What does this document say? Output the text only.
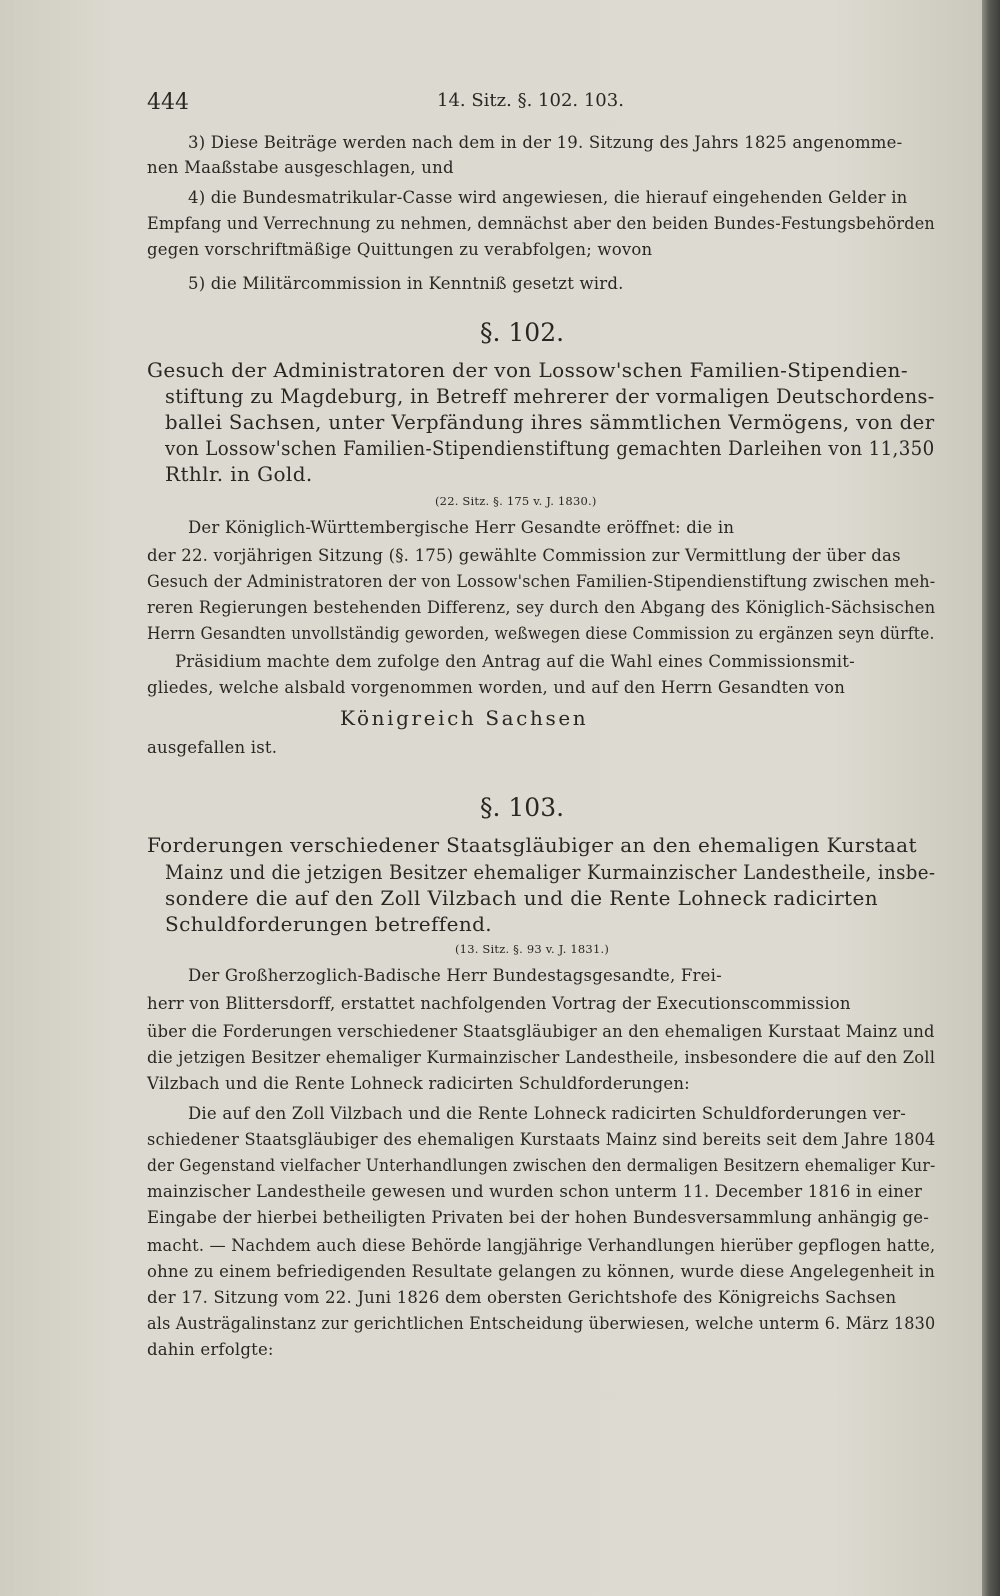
444	14. Sitz. §. 102. 103.
3) Diese Beiträge werden nach dem in der 19. Sitzung des Jahrs 1825 angenomme-
nen Maaßstabe ausgeschlagen, und
4) die Bundesmatrikular-Casse wird angewiesen, die hierauf eingehenden Gelder in
Empfang und Verrechnung zu nehmen, demnächst aber den beiden Bundes-Festungsbehörden
gegen vorschriftmäßige Quittungen zu verabfolgen; wovon
5) die Militärcommission in Kenntniß gesetzt wird.
§. 102.
Gesuch der Administratoren der von Lossow'schen Familien-Stipendien-
stiftung zu Magdeburg, in Betreff mehrerer der vormaligen Deutschordens-
ballei Sachsen, unter Verpfändung ihres sämmtlichen Vermögens, von der
von Lossow'schen Familien-Stipendienstiftung gemachten Darleihen von 11,350
Rthlr. in Gold.
(22. Sitz. §. 175 v. J. 1830.)
Der Königlich-Württembergische Herr Gesandte eröffnet: die in
der 22. vorjährigen Sitzung (§. 175) gewählte Commission zur Vermittlung der über das
Gesuch der Administratoren der von Lossow'schen Familien-Stipendienstiftung zwischen meh-
reren Regierungen bestehenden Differenz, sey durch den Abgang des Königlich-Sächsischen
Herrn Gesandten unvollständig geworden, weßwegen diese Commission zu ergänzen seyn dürfte.
Präsidium machte dem zufolge den Antrag auf die Wahl eines Commissionsmit-
gliedes, welche alsbald vorgenommen worden, und auf den Herrn Gesandten von
Königreich Sachsen
ausgefallen ist.
§. 103.
Forderungen verschiedener Staatsgläubiger an den ehemaligen Kurstaat
Mainz und die jetzigen Besitzer ehemaliger Kurmainzischer Landestheile, insbe-
sondere die auf den Zoll Vilzbach und die Rente Lohneck radicirten
Schuldforderungen betreffend.
(13. Sitz. §. 93 v. J. 1831.)
Der Großherzoglich-Badische Herr Bundestagsgesandte, Frei-
herr von Blittersdorff, erstattet nachfolgenden Vortrag der Executionscommission
über die Forderungen verschiedener Staatsgläubiger an den ehemaligen Kurstaat Mainz und
die jetzigen Besitzer ehemaliger Kurmainzischer Landestheile, insbesondere die auf den Zoll
Vilzbach und die Rente Lohneck radicirten Schuldforderungen:
Die auf den Zoll Vilzbach und die Rente Lohneck radicirten Schuldforderungen ver-
schiedener Staatsgläubiger des ehemaligen Kurstaats Mainz sind bereits seit dem Jahre 1804
der Gegenstand vielfacher Unterhandlungen zwischen den dermaligen Besitzern ehemaliger Kur-
mainzischer Landestheile gewesen und wurden schon unterm 11. December 1816 in einer
Eingabe der hierbei betheiligten Privaten bei der hohen Bundesversammlung anhängig ge-
macht. — Nachdem auch diese Behörde langjährige Verhandlungen hierüber gepflogen hatte,
ohne zu einem befriedigenden Resultate gelangen zu können, wurde diese Angelegenheit in
der 17. Sitzung vom 22. Juni 1826 dem obersten Gerichtshofe des Königreichs Sachsen
als Austrägalinstanz zur gerichtlichen Entscheidung überwiesen, welche unterm 6. März 1830
dahin erfolgte:
